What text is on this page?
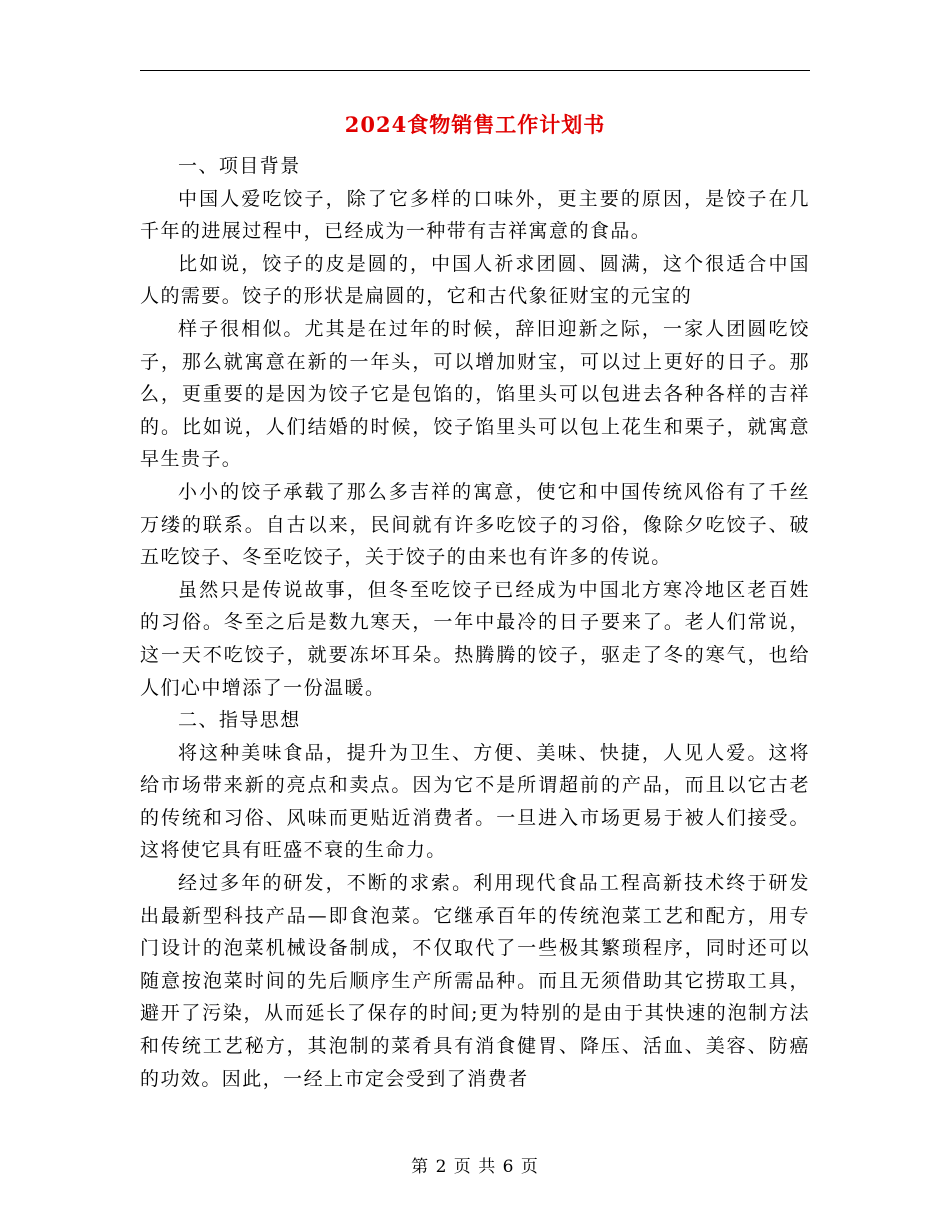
2024食物销售工作计划书

一、项目背景

中国人爱吃饺子，除了它多样的口味外，更主要的原因，是饺子在几千年的进展过程中，已经成为一种带有吉祥寓意的食品。

比如说，饺子的皮是圆的，中国人祈求团圆、圆满，这个很适合中国人的需要。饺子的形状是扁圆的，它和古代象征财宝的元宝的

样子很相似。尤其是在过年的时候，辞旧迎新之际，一家人团圆吃饺子，那么就寓意在新的一年头，可以增加财宝，可以过上更好的日子。那么，更重要的是因为饺子它是包馅的，馅里头可以包进去各种各样的吉祥的。比如说，人们结婚的时候，饺子馅里头可以包上花生和栗子，就寓意早生贵子。

小小的饺子承载了那么多吉祥的寓意，使它和中国传统风俗有了千丝万缕的联系。自古以来，民间就有许多吃饺子的习俗，像除夕吃饺子、破五吃饺子、冬至吃饺子，关于饺子的由来也有许多的传说。

虽然只是传说故事，但冬至吃饺子已经成为中国北方寒冷地区老百姓的习俗。冬至之后是数九寒天，一年中最冷的日子要来了。老人们常说，这一天不吃饺子，就要冻坏耳朵。热腾腾的饺子，驱走了冬的寒气，也给人们心中增添了一份温暖。

二、指导思想

将这种美味食品，提升为卫生、方便、美味、快捷，人见人爱。这将给市场带来新的亮点和卖点。因为它不是所谓超前的产品，而且以它古老的传统和习俗、风味而更贴近消费者。一旦进入市场更易于被人们接受。这将使它具有旺盛不衰的生命力。

经过多年的研发，不断的求索。利用现代食品工程高新技术终于研发出最新型科技产品—即食泡菜。它继承百年的传统泡菜工艺和配方，用专门设计的泡菜机械设备制成，不仅取代了一些极其繁琐程序，同时还可以随意按泡菜时间的先后顺序生产所需品种。而且无须借助其它捞取工具，避开了污染，从而延长了保存的时间;更为特别的是由于其快速的泡制方法和传统工艺秘方，其泡制的菜肴具有消食健胃、降压、活血、美容、防癌的功效。因此，一经上市定会受到了消费者

第 2 页 共 6 页
